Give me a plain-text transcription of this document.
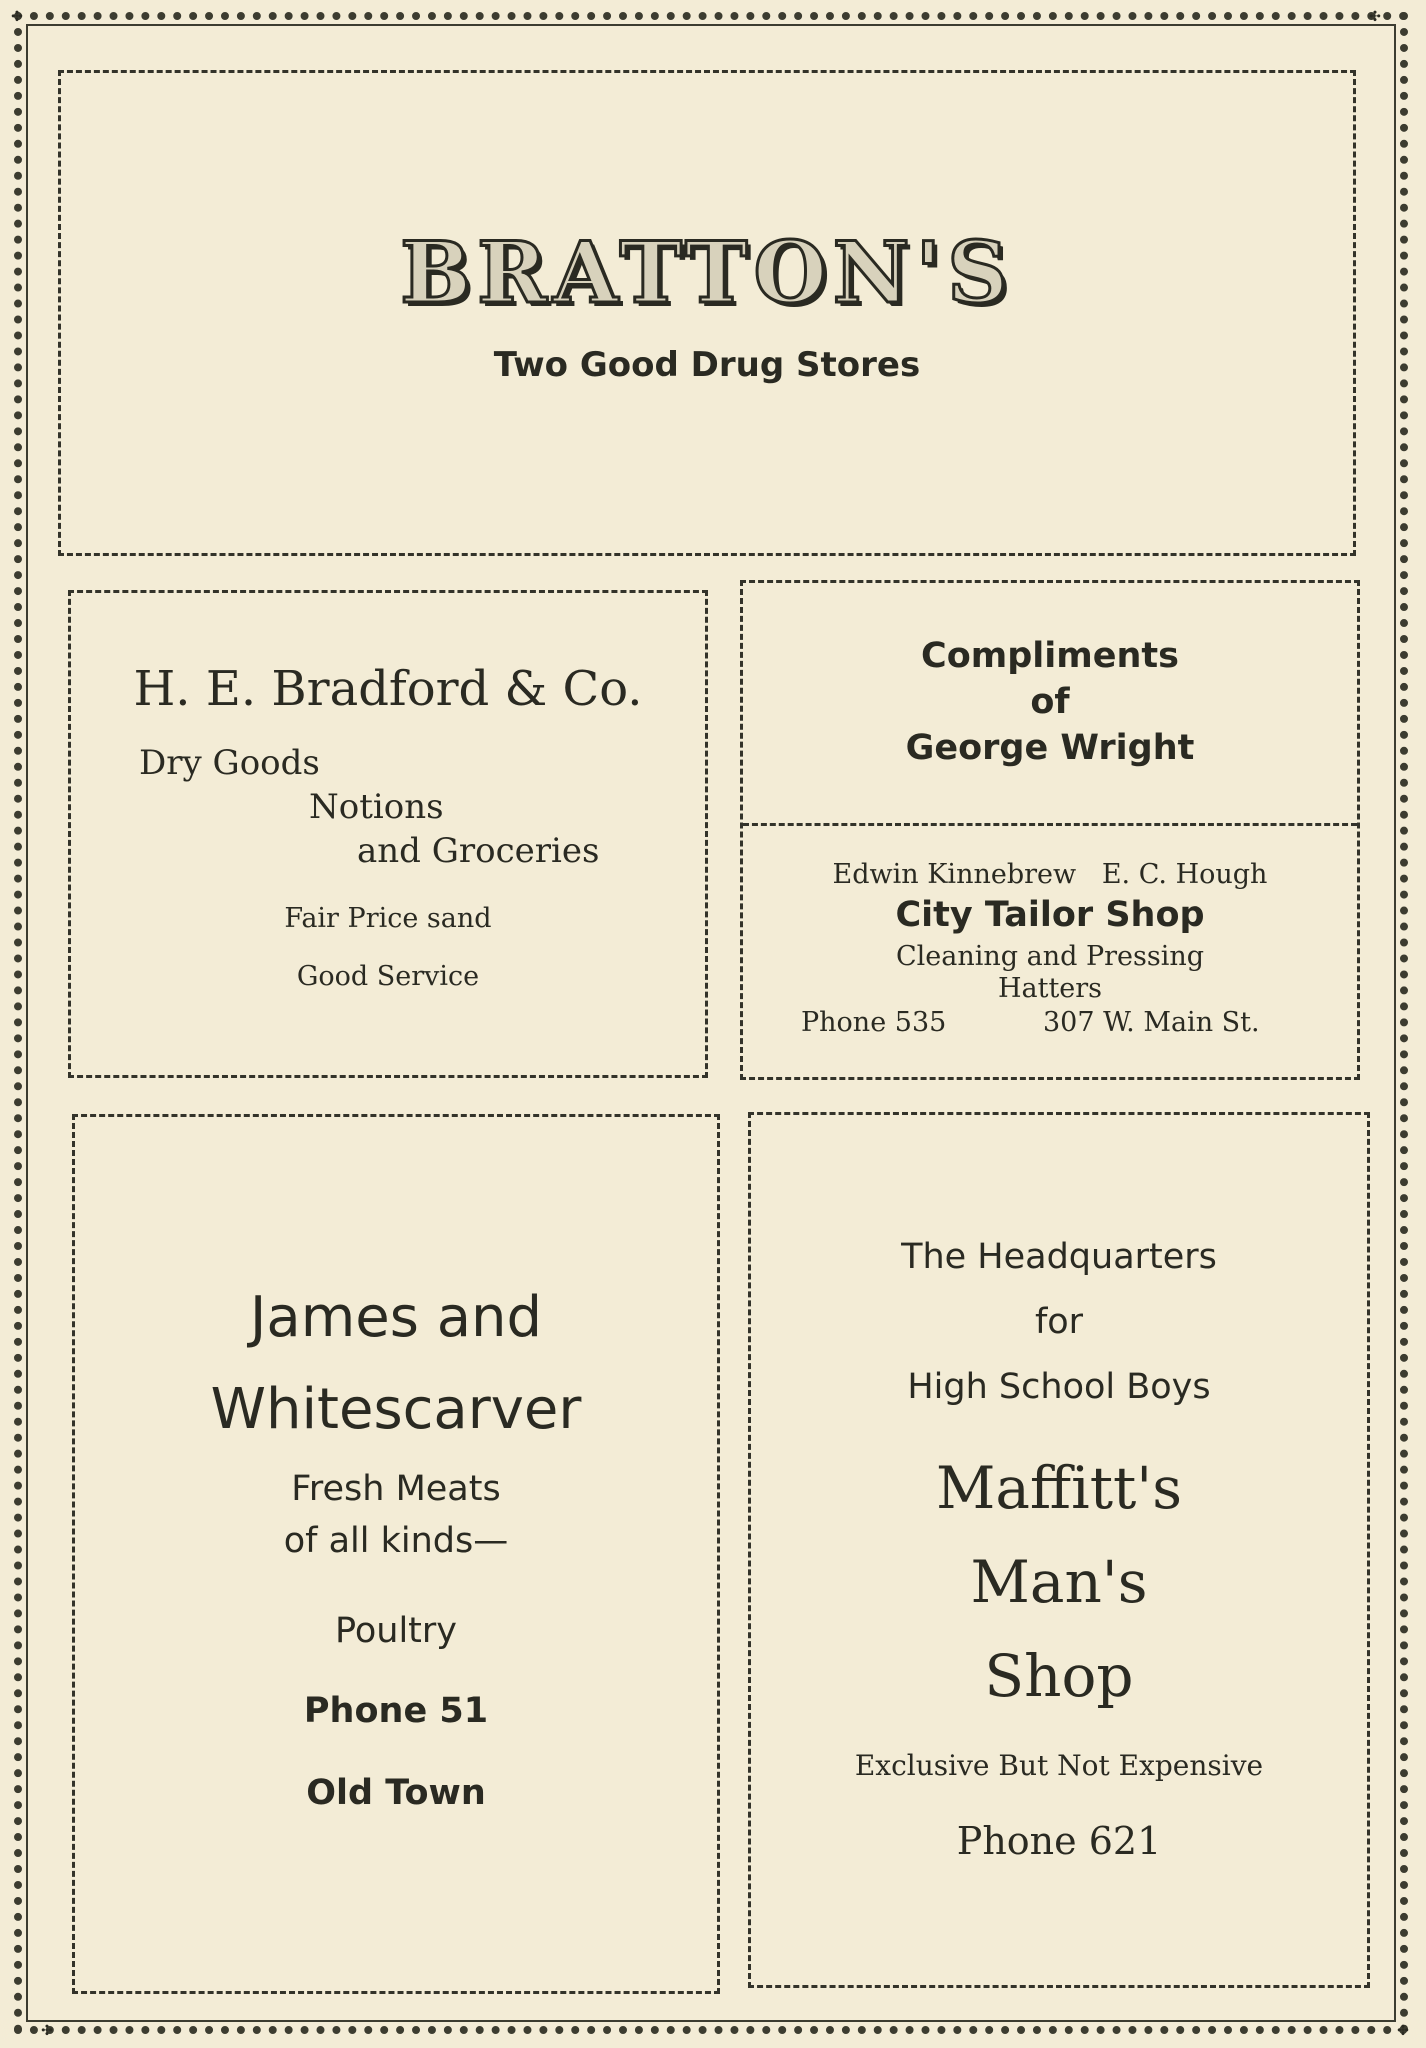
✣	✣
✣	✣
BRATTON'S
Two Good Drug Stores
H. E. Bradford & Co.
Dry Goods
Notions
and Groceries
Fair Price sand
Good Service
Compliments
of
George Wright
Edwin Kinnebrew   E. C. Hough
City Tailor Shop
Cleaning and Pressing
Hatters
Phone 535	307 W. Main St.
James and
Whitescarver
Fresh Meats
of all kinds—
Poultry
Phone 51
Old Town
The Headquarters
for
High School Boys
Maffitt's
Man's
Shop
Exclusive But Not Expensive
Phone 621
